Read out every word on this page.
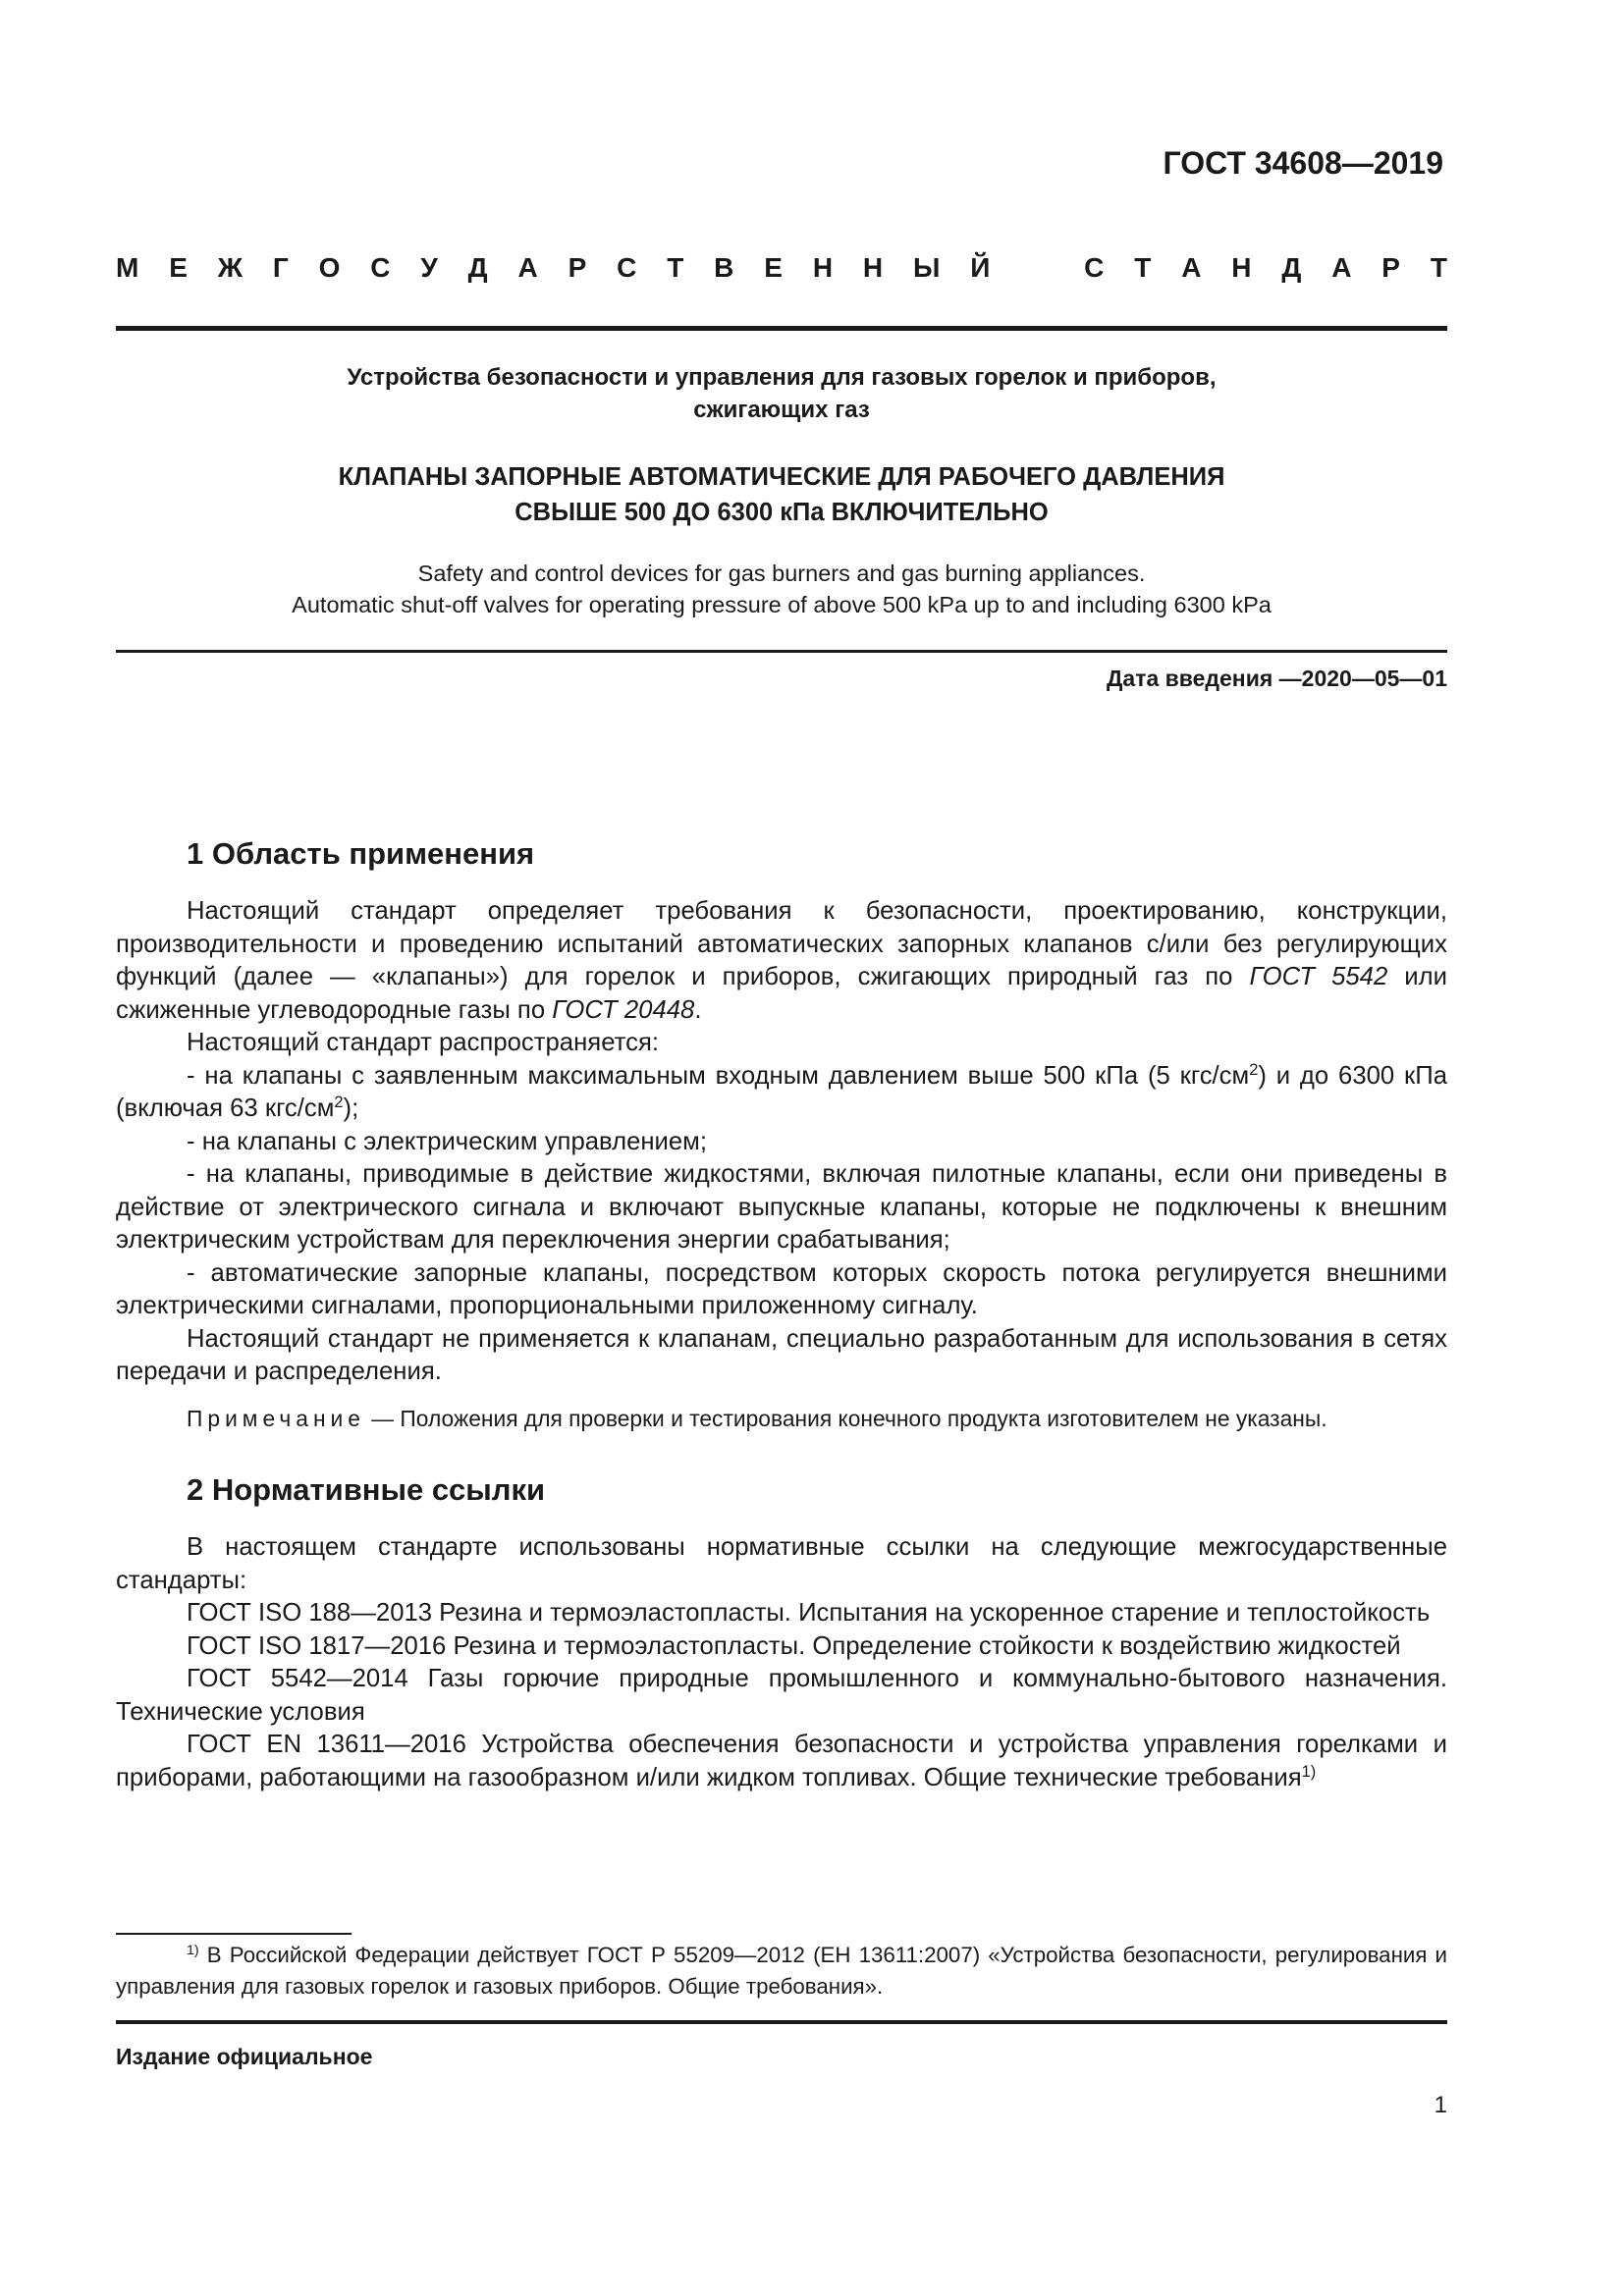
ГОСТ 34608—2019
М Е Ж Г О С У Д А Р С Т В Е Н Н Ы Й	С Т А Н Д А Р Т
Устройства безопасности и управления для газовых горелок и приборов,
сжигающих газ
КЛАПАНЫ ЗАПОРНЫЕ АВТОМАТИЧЕСКИЕ ДЛЯ РАБОЧЕГО ДАВЛЕНИЯ
СВЫШЕ 500 ДО 6300 кПа ВКЛЮЧИТЕЛЬНО
Safety and control devices for gas burners and gas burning appliances.
Automatic shut-off valves for operating pressure of above 500 kPa up to and including 6300 kPa
Дата введения —2020—05—01
1 Область применения

Настоящий стандарт определяет требования к безопасности, проектированию, конструкции, производительности и проведению испытаний автоматических запорных клапанов с/или без регулирующих функций (далее — «клапаны») для горелок и приборов, сжигающих природный газ по ГОСТ 5542 или сжиженные углеводородные газы по ГОСТ 20448.

Настоящий стандарт распространяется:

- на клапаны с заявленным максимальным входным давлением выше 500 кПа (5 кгс/$см^2$) и до 6300 кПа (включая 63 кгс/$см^2$);

- на клапаны с электрическим управлением;

- на клапаны, приводимые в действие жидкостями, включая пилотные клапаны, если они приведены в действие от электрического сигнала и включают выпускные клапаны, которые не подключены к внешним электрическим устройствам для переключения энергии срабатывания;

- автоматические запорные клапаны, посредством которых скорость потока регулируется внешними электрическими сигналами, пропорциональными приложенному сигналу.

Настоящий стандарт не применяется к клапанам, специально разработанным для использования в сетях передачи и распределения.

Примечание — Положения для проверки и тестирования конечного продукта изготовителем не указаны.
2 Нормативные ссылки

В настоящем стандарте использованы нормативные ссылки на следующие межгосударственные стандарты:

ГОСТ ISO 188—2013 Резина и термоэластопласты. Испытания на ускоренное старение и теплостойкость

ГОСТ ISO 1817—2016 Резина и термоэластопласты. Определение стойкости к воздействию жидкостей

ГОСТ 5542—2014 Газы горючие природные промышленного и коммунально-бытового назначения. Технические условия

ГОСТ EN 13611—2016 Устройства обеспечения безопасности и устройства управления горелками и приборами, работающими на газообразном и/или жидком топливах. Общие технические требования$^{1)}$

$^{1)}$ В Российской Федерации действует ГОСТ Р 55209—2012 (ЕН 13611:2007) «Устройства безопасности, регулирования и управления для газовых горелок и газовых приборов. Общие требования».

Издание официальное
1
